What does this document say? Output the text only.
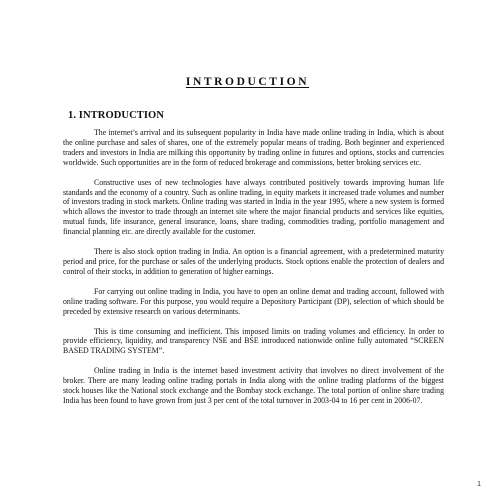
INTRODUCTION
1. INTRODUCTION

The internet’s arrival and its subsequent popularity in India have made online trading in India, which is about the online purchase and sales of shares, one of the extremely popular means of trading. Both beginner and experienced traders and investors in India are milking this opportunity by trading online in futures and options, stocks and currencies worldwide. Such opportunities are in the form of reduced brokerage and commissions, better broking services etc.

Constructive uses of new technologies have always contributed positively towards improving human life standards and the economy of a country. Such as online trading, in equity markets it increased trade volumes and number of investors trading in stock markets. Online trading was started in India in the year 1995, where a new system is formed which allows the investor to trade through an internet site where the major financial products and services like equities, mutual funds, life insurance, general insurance, loans, share trading, commodities trading, portfolio management and financial planning etc. are directly available for the customer.

There is also stock option trading in India. An option is a financial agreement, with a predetermined maturity period and price, for the purchase or sales of the underlying products. Stock options enable the protection of dealers and control of their stocks, in addition to generation of higher earnings.

For carrying out online trading in India, you have to open an online demat and trading account, followed with online trading software. For this purpose, you would require a Depository Participant (DP), selection of which should be preceded by extensive research on various determinants.

This is time consuming and inefficient. This imposed limits on trading volumes and efficiency. In order to provide efficiency, liquidity, and transparency NSE and BSE introduced nationwide online fully automated “SCREEN BASED TRADING SYSTEM”.

Online trading in India is the internet based investment activity that involves no direct involvement of the broker. There are many leading online trading portals in India along with the online trading platforms of the biggest stock houses like the National stock exchange and the Bombay stock exchange. The total portion of online share trading India has been found to have grown from just 3 per cent of the total turnover in 2003-04 to 16 per cent in 2006-07.

1
